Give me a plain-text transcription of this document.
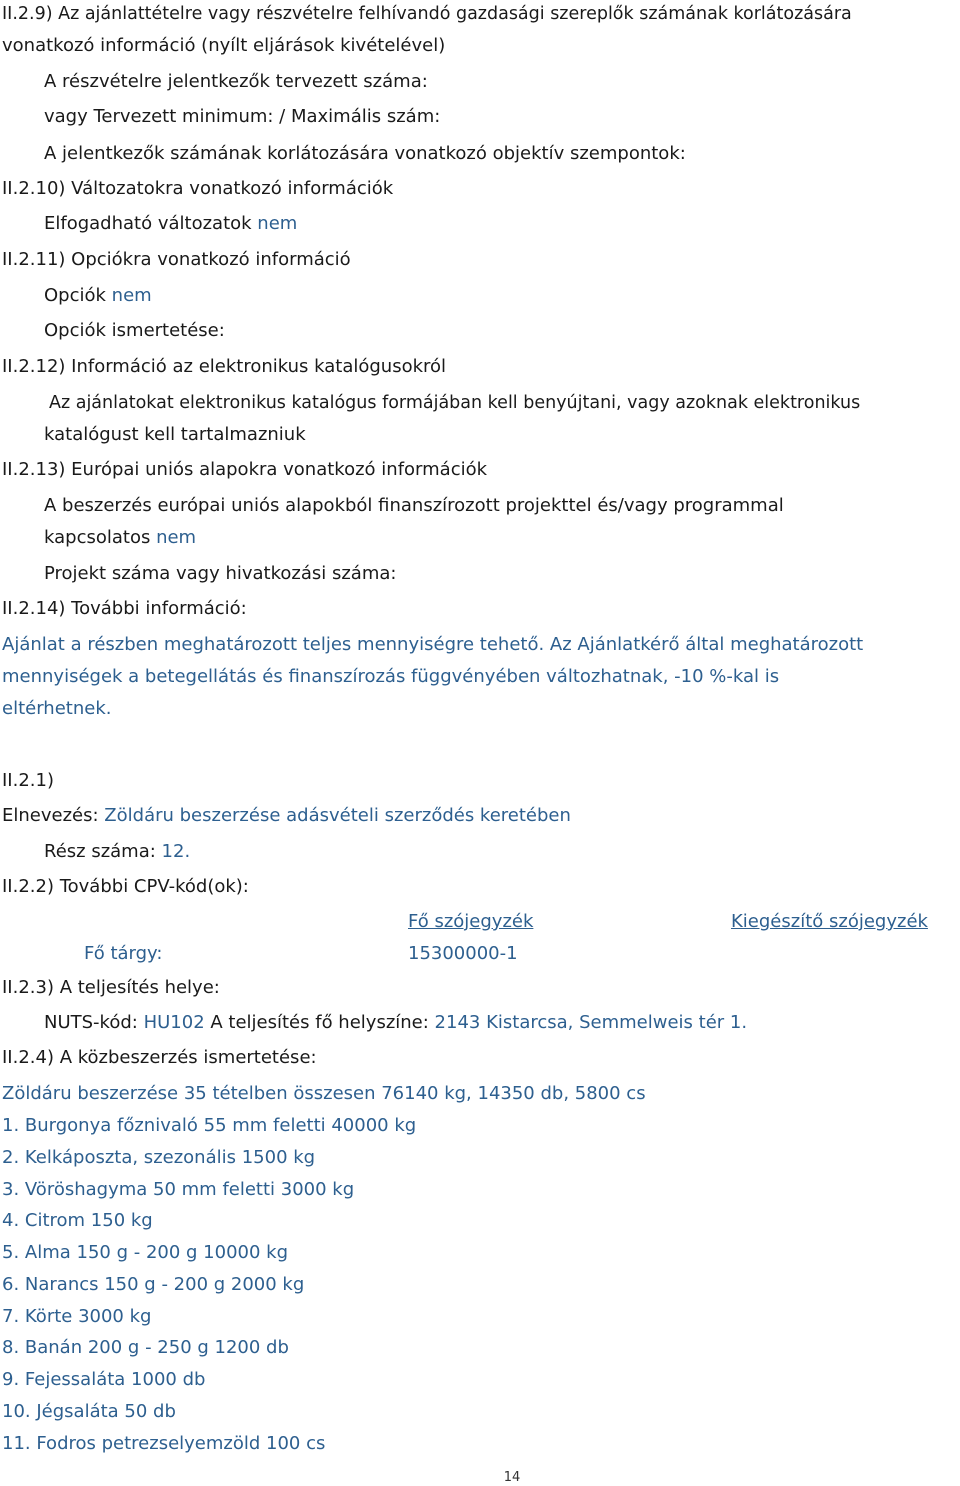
II.2.9) Az ajánlattételre vagy részvételre felhívandó gazdasági szereplők számának korlátozására
vonatkozó információ (nyílt eljárások kivételével)
A részvételre jelentkezők tervezett száma:
vagy Tervezett minimum: / Maximális szám:
A jelentkezők számának korlátozására vonatkozó objektív szempontok:
II.2.10) Változatokra vonatkozó információk
Elfogadható változatok nem
II.2.11) Opciókra vonatkozó információ
Opciók nem
Opciók ismertetése:
II.2.12) Információ az elektronikus katalógusokról
Az ajánlatokat elektronikus katalógus formájában kell benyújtani, vagy azoknak elektronikus
katalógust kell tartalmazniuk
II.2.13) Európai uniós alapokra vonatkozó információk
A beszerzés európai uniós alapokból finanszírozott projekttel és/vagy programmal
kapcsolatos nem
Projekt száma vagy hivatkozási száma:
II.2.14) További információ:
Ajánlat a részben meghatározott teljes mennyiségre tehető. Az Ajánlatkérő által meghatározott
mennyiségek a betegellátás és finanszírozás függvényében változhatnak, -10 %-kal is
eltérhetnek.
II.2.1)
Elnevezés: Zöldáru beszerzése adásvételi szerződés keretében
Rész száma: 12.
II.2.2) További CPV-kód(ok):
Fő szójegyzék	Kiegészítő szójegyzék
Fő tárgy:	15300000-1
II.2.3) A teljesítés helye:
NUTS-kód: HU102 A teljesítés fő helyszíne: 2143 Kistarcsa, Semmelweis tér 1.
II.2.4) A közbeszerzés ismertetése:
Zöldáru beszerzése 35 tételben összesen 76140 kg, 14350 db, 5800 cs
1. Burgonya főznivaló 55 mm feletti 40000 kg
2. Kelkáposzta, szezonális 1500 kg
3. Vöröshagyma 50 mm feletti 3000 kg
4. Citrom 150 kg
5. Alma 150 g - 200 g 10000 kg
6. Narancs 150 g - 200 g 2000 kg
7. Körte 3000 kg
8. Banán 200 g - 250 g 1200 db
9. Fejessaláta 1000 db
10. Jégsaláta 50 db
11. Fodros petrezselyemzöld 100 cs
14
